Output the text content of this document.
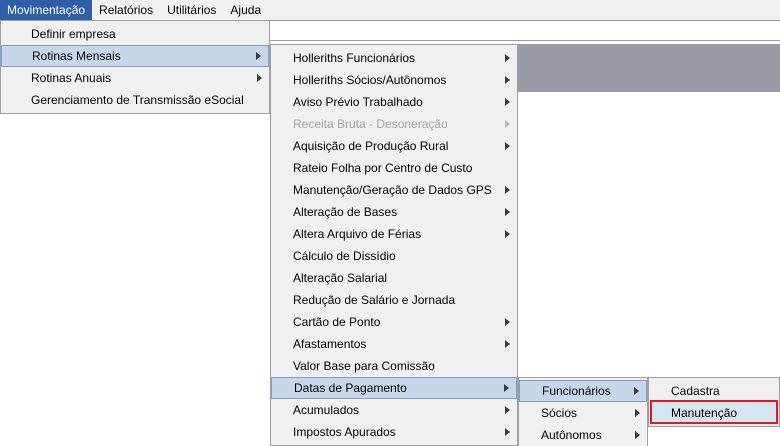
Movimentação	Relatórios	Utilitários	Ajuda
Definir empresa
Rotinas Mensais
Rotinas Anuais
Gerenciamento de Transmissão eSocial
Holleriths Funcionários
Holleriths Sócios/Autônomos
Aviso Prévio Trabalhado
Receita Bruta - Desoneração
Aquisição de Produção Rural
Rateio Folha por Centro de Custo
Manutenção/Geração de Dados GPS
Alteração de Bases
Altera Arquivo de Férias
Cálculo de Dissídio
Alteração Salarial
Redução de Salário e Jornada
Cartão de Ponto
Afastamentos
Valor Base para Comissão
Datas de Pagamento
Acumulados
Impostos Apurados
Funcionários
Sócios
Autônomos
Cadastra
Manutenção
